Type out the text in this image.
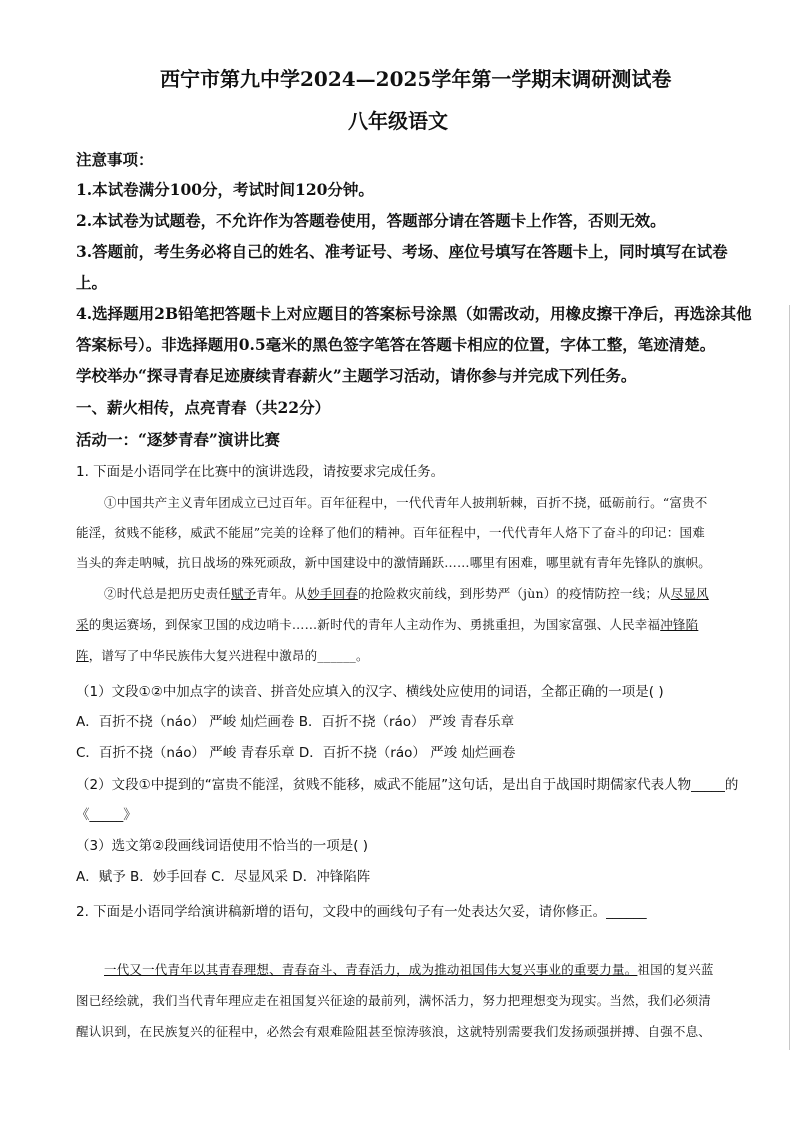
西宁市第九中学2024—2025学年第一学期末调研测试卷
八年级语文
注意事项：
1.本试卷满分100分，考试时间120分钟。
2.本试卷为试题卷，不允许作为答题卷使用，答题部分请在答题卡上作答，否则无效。
3.答题前，考生务必将自己的姓名、准考证号、考场、座位号填写在答题卡上，同时填写在试卷
上。
4.选择题用2B铅笔把答题卡上对应题目的答案标号涂黑（如需改动，用橡皮擦干净后，再选涂其他
答案标号）。非选择题用0.5毫米的黑色签字笔答在答题卡相应的位置，字体工整，笔迹清楚。
学校举办“探寻青春足迹赓续青春薪火”主题学习活动，请你参与并完成下列任务。
一、薪火相传，点亮青春（共22分）
活动一：“逐梦青春”演讲比赛
1. 下面是小语同学在比赛中的演讲选段，请按要求完成任务。
①中国共产主义青年团成立已过百年。百年征程中，一代代青年人披荆斩棘，百折不挠，砥砺前行。“富贵不
能淫，贫贱不能移，威武不能屈”完美的诠释了他们的精神。百年征程中，一代代青年人烙下了奋斗的印记：国难
当头的奔走呐喊，抗日战场的殊死顽敌，新中国建设中的激情踊跃……哪里有困难，哪里就有青年先锋队的旗帜。
②时代总是把历史责任赋予青年。从妙手回春的抢险救灾前线，到彤势严（jùn）的疫情防控一线；从尽显风
采的奥运赛场，到保家卫国的戍边哨卡……新时代的青年人主动作为、勇挑重担，为国家富强、人民幸福冲锋陷
阵，谱写了中华民族伟大复兴进程中激昂的______。
（1）文段①②中加点字的读音、拼音处应填入的汉字、横线处应使用的词语，全都正确的一项是( )
A．百折不挠（náo） 严峻 灿烂画卷 B．百折不挠（ráo） 严竣 青春乐章
C．百折不挠（náo） 严峻 青春乐章 D．百折不挠（ráo） 严竣 灿烂画卷
（2）文段①中提到的“富贵不能淫，贫贱不能移，威武不能屈”这句话，是出自于战国时期儒家代表人物_____的
《_____》
（3）选文第②段画线词语使用不恰当的一项是( )
A．赋予 B．妙手回春 C．尽显风采 D．冲锋陷阵
2. 下面是小语同学给演讲稿新增的语句，文段中的画线句子有一处表达欠妥，请你修正。______
一代又一代青年以其青春理想、青春奋斗、青春活力，成为推动祖国伟大复兴事业的重要力量。祖国的复兴蓝
图已经绘就，我们当代青年理应走在祖国复兴征途的最前列，满怀活力，努力把理想变为现实。当然，我们必须清
醒认识到，在民族复兴的征程中，必然会有艰难险阻甚至惊涛骇浪，这就特别需要我们发扬顽强拼搏、自强不息、
